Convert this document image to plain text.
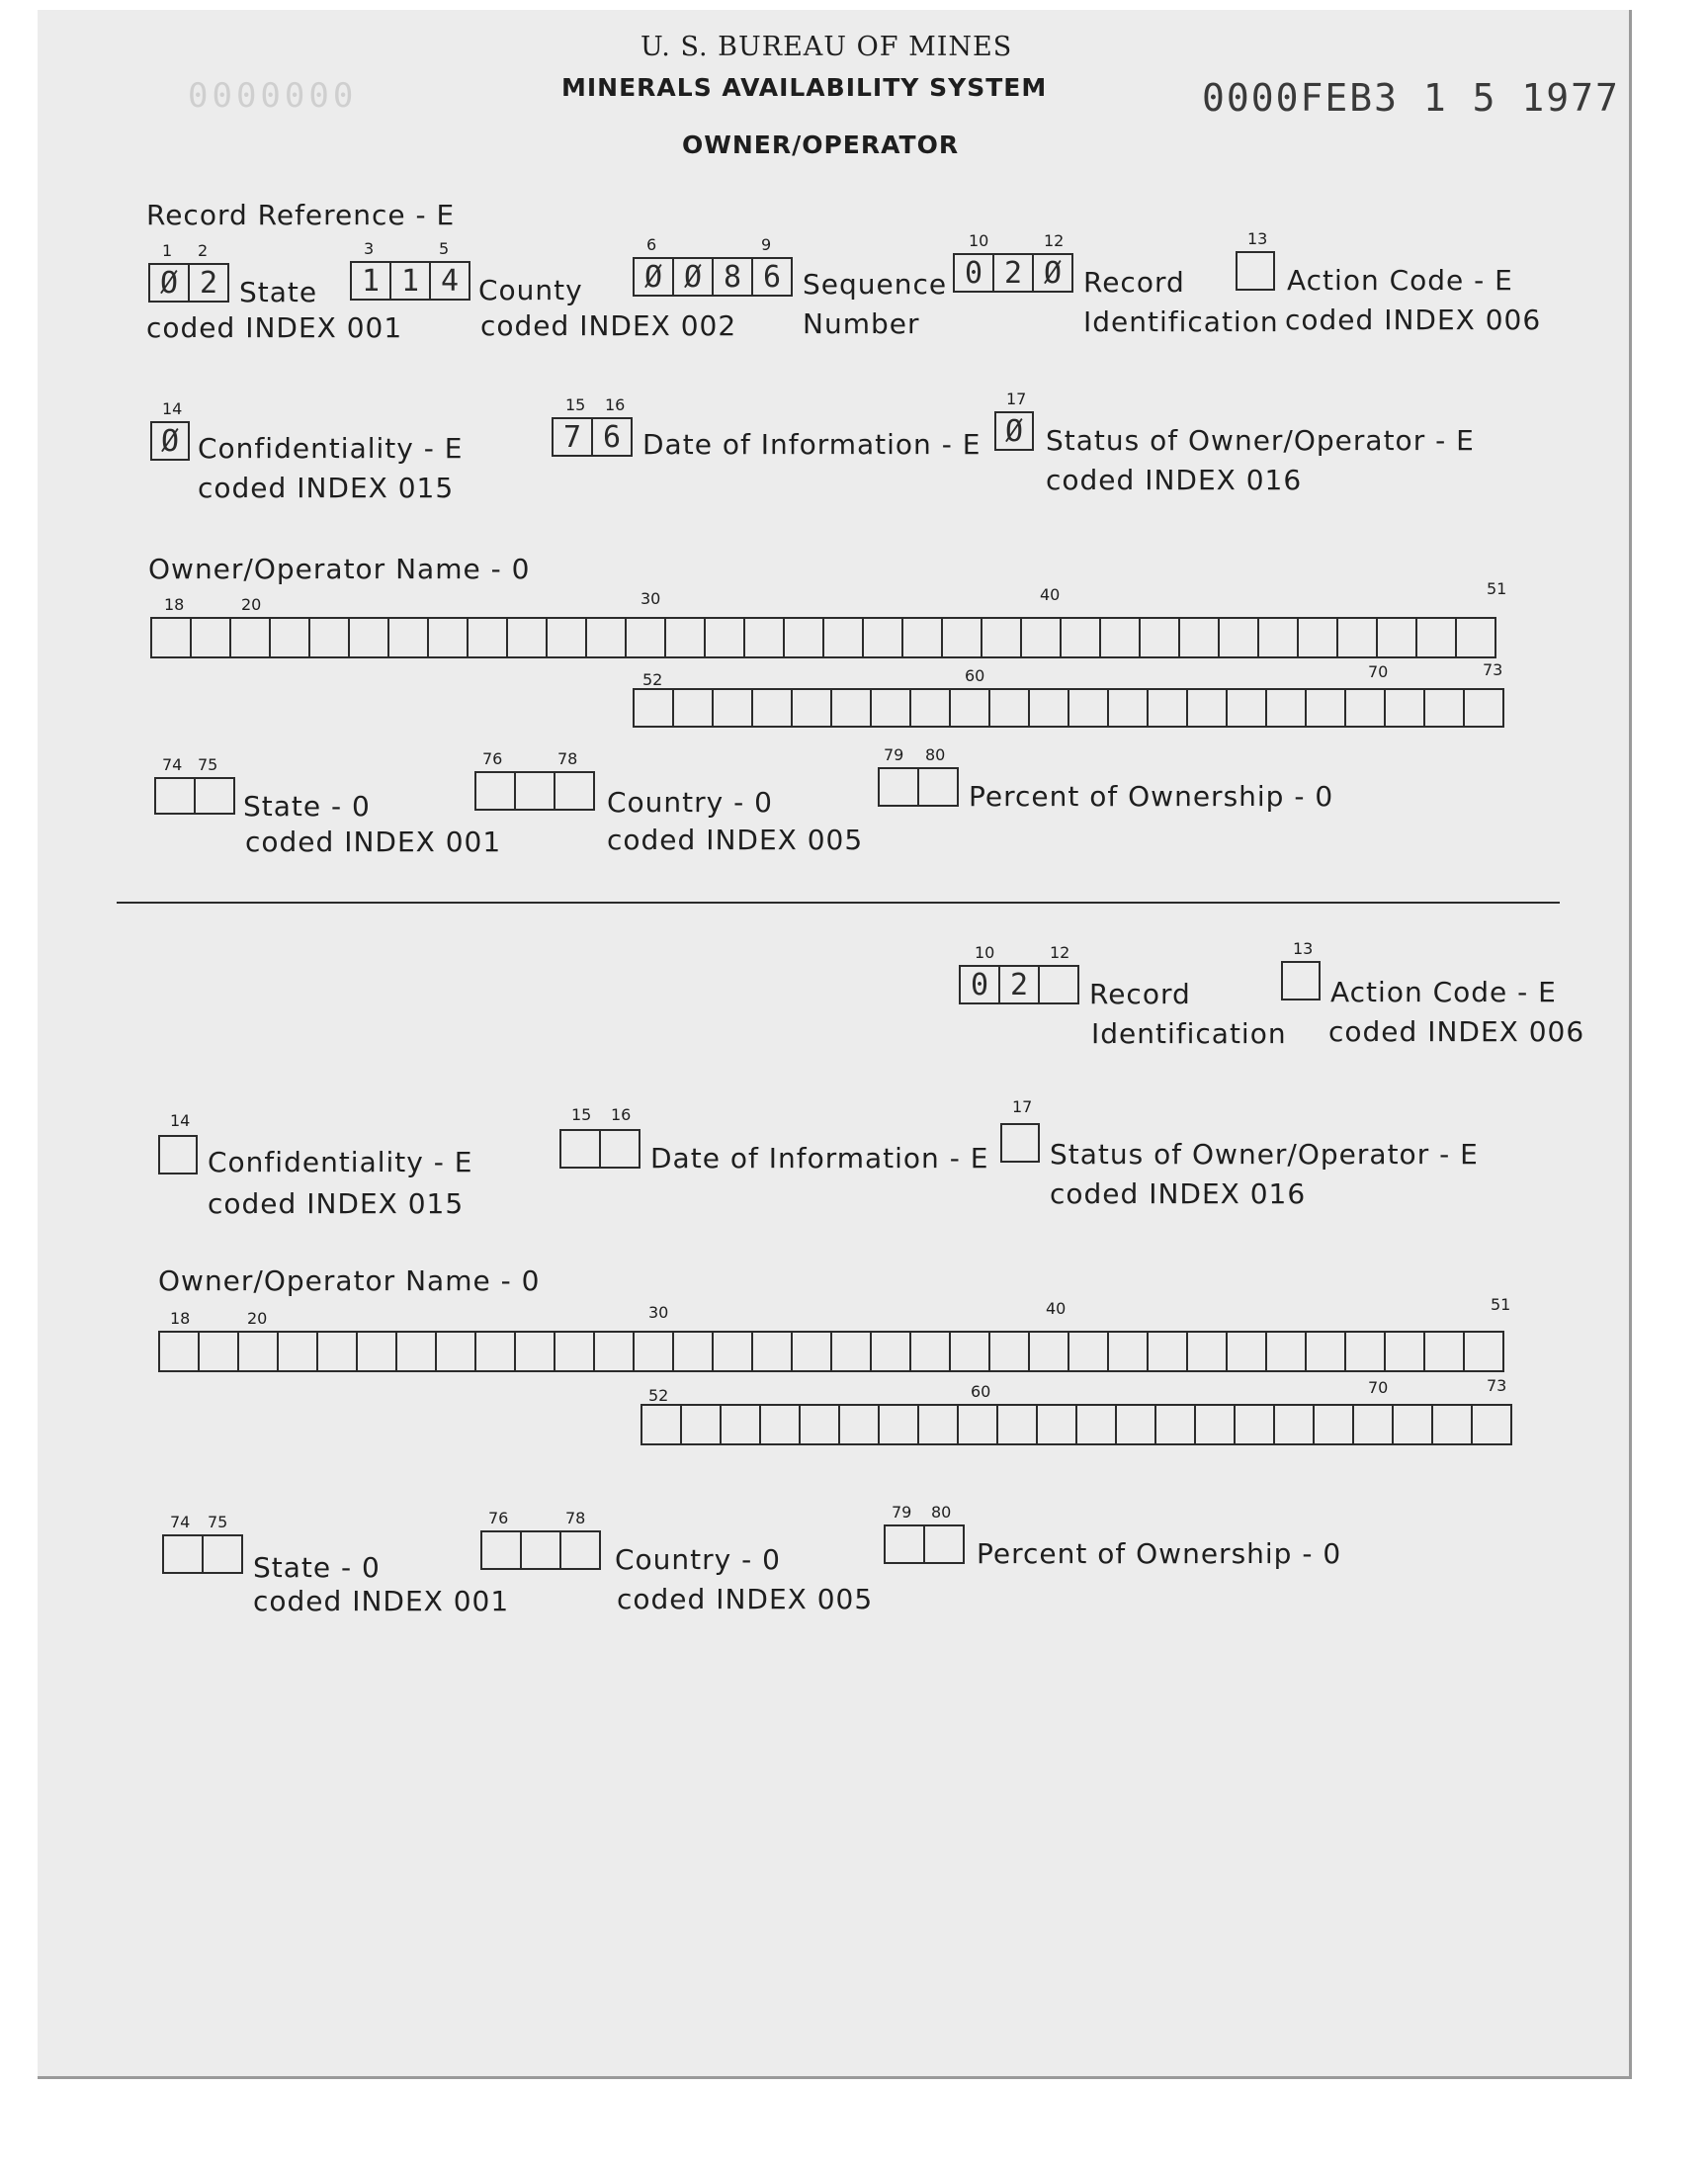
0000000
U. S. BUREAU OF MINES
MINERALS AVAILABILITY SYSTEM
OWNER/OPERATOR
0000FEB3 1 5 1977
Record Reference - E
1 2
Ø 2 State
coded INDEX 001
3	5
1 1 4 County
coded INDEX 002
6	9
Ø Ø 8 6 Sequence
Number
10	12
0 2 Ø Record
Identification
13
Action Code - E
coded INDEX 006
14
Ø Confidentiality - E
coded INDEX 015
15 16
7 6 Date of Information - E
17
Ø Status of Owner/Operator - E
coded INDEX 016
Owner/Operator Name - 0
18	20	30	40	51
52	60	70	73
74 75
State - 0
coded INDEX 001
76	78
Country - 0
coded INDEX 005
79 80
Percent of Ownership - 0
10	12
0 2	Record
Identification
13
Action Code - E
coded INDEX 006
14
Confidentiality - E
coded INDEX 015
15 16
Date of Information - E
17
Status of Owner/Operator - E
coded INDEX 016
Owner/Operator Name - 0
18	20	30	40	51
52	60	70	73
74 75
State - 0
coded INDEX 001
76	78
Country - 0
coded INDEX 005
79 80
Percent of Ownership - 0
